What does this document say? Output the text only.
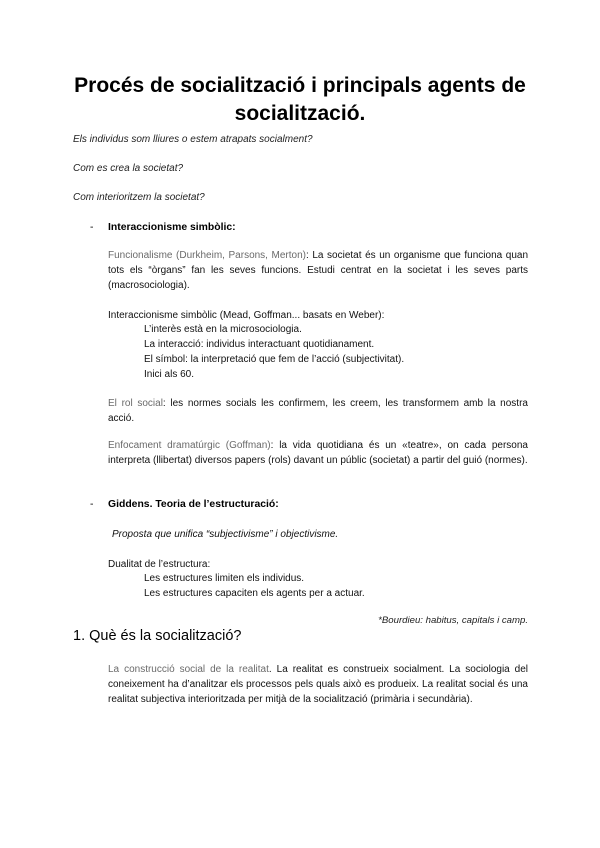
Procés de socialització i principals agents de socialització.

Els individus som lliures o estem atrapats socialment?

Com es crea la societat?

Com interioritzem la societat?

- Interaccionisme simbòlic:

Funcionalisme (Durkheim, Parsons, Merton): La societat és un organisme que funciona quan tots els “òrgans” fan les seves funcions. Estudi centrat en la societat i les seves parts (macrosociologia).

Interaccionisme simbòlic (Mead, Goffman... basats en Weber):

L’interès està en la microsociologia.

La interacció: individus interactuant quotidianament.

El símbol: la interpretació que fem de l’acció (subjectivitat).

Inici als 60.

El rol social: les normes socials les confirmem, les creem, les transformem amb la nostra acció.

Enfocament dramatúrgic (Goffman): la vida quotidiana és un «teatre», on cada persona interpreta (llibertat) diversos papers (rols) davant un públic (societat) a partir del guió (normes).

- Giddens. Teoria de l’estructuració:

Proposta que unifica “subjectivisme” i objectivisme.

Dualitat de l’estructura:

Les estructures limiten els individus.

Les estructures capaciten els agents per a actuar.

*Bourdieu: habitus, capitals i camp.

1. Què és la socialització?

La construcció social de la realitat. La realitat es construeix socialment. La sociologia del coneixement ha d’analitzar els processos pels quals això es produeix. La realitat social és una realitat subjectiva interioritzada per mitjà de la socialització (primària i secundària).
